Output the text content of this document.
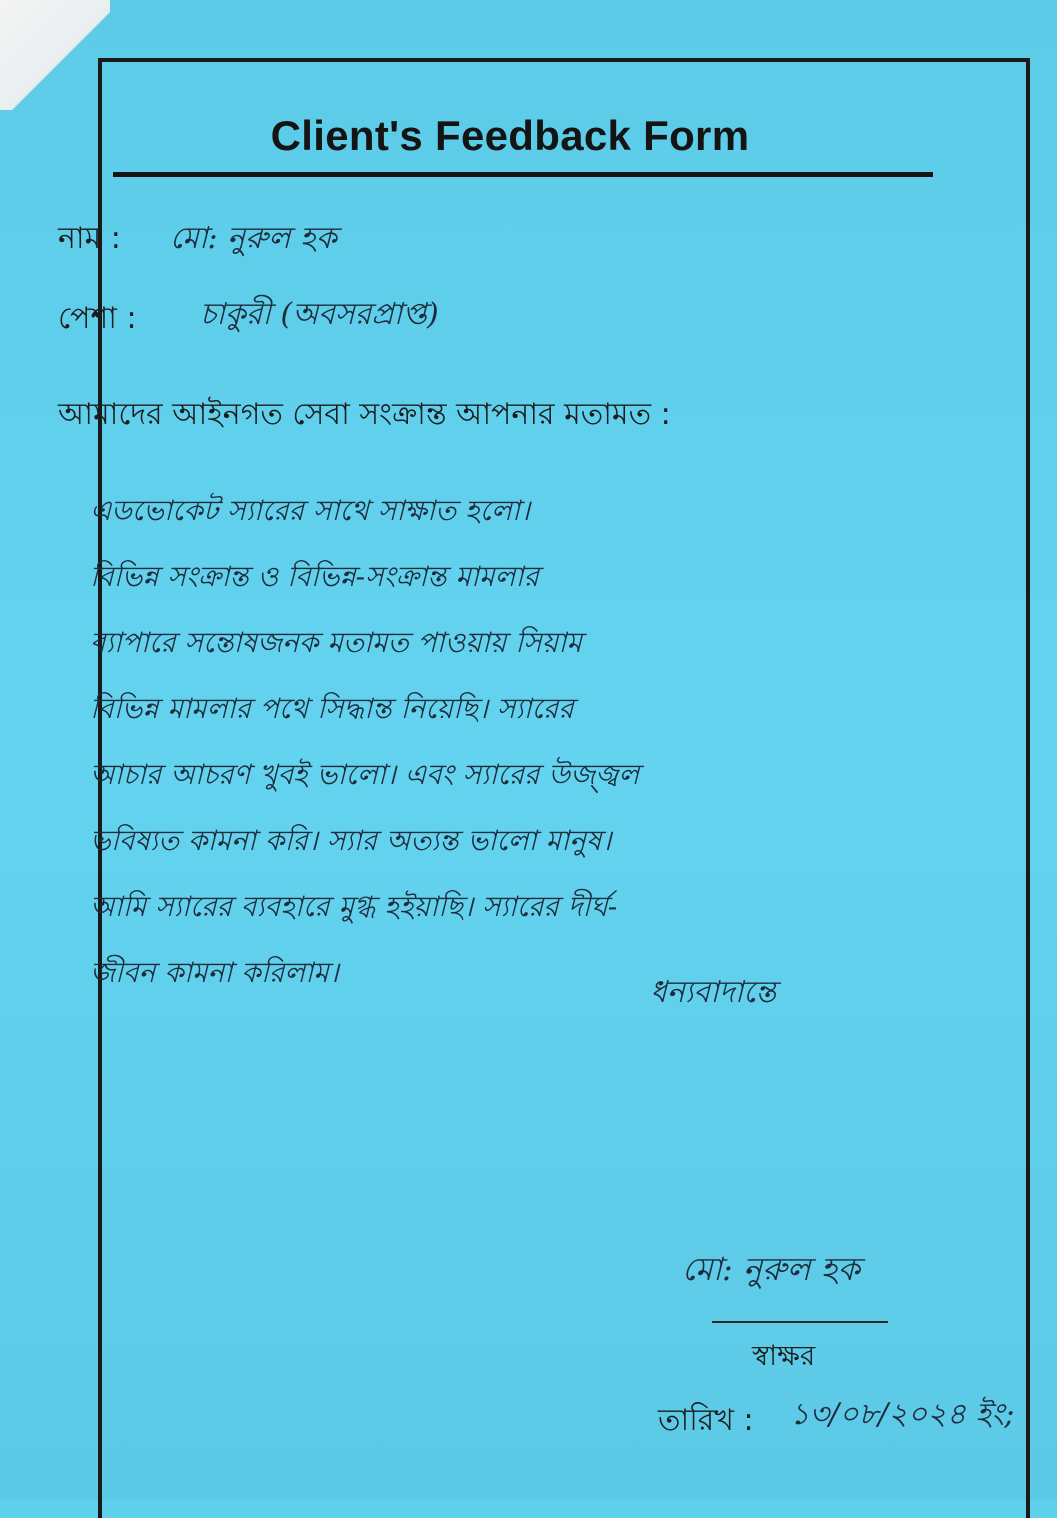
Client's Feedback Form
নাম : মো: নুরুল হক
পেশা : চাকুরী (অবসরপ্রাপ্ত)
আমাদের আইনগত সেবা সংক্রান্ত আপনার মতামত :
এডভোকেট স্যারের সাথে সাক্ষাত হলো।
বিভিন্ন সংক্রান্ত ও বিভিন্ন-সংক্রান্ত মামলার
ব্যাপারে সন্তোষজনক মতামত পাওয়ায় সিয়াম
বিভিন্ন মামলার পথে সিদ্ধান্ত নিয়েছি। স্যারের
আচার আচরণ খুবই ভালো। এবং স্যারের উজ্জ্বল
ভবিষ্যত কামনা করি। স্যার অত্যন্ত ভালো মানুষ।
আমি স্যারের ব্যবহারে মুগ্ধ হইয়াছি। স্যারের দীর্ঘ-
জীবন কামনা করিলাম।
ধন্যবাদান্তে
মো: নুরুল হক
স্বাক্ষর
তারিখ : ১৩/০৮/২০২৪ ইং;
